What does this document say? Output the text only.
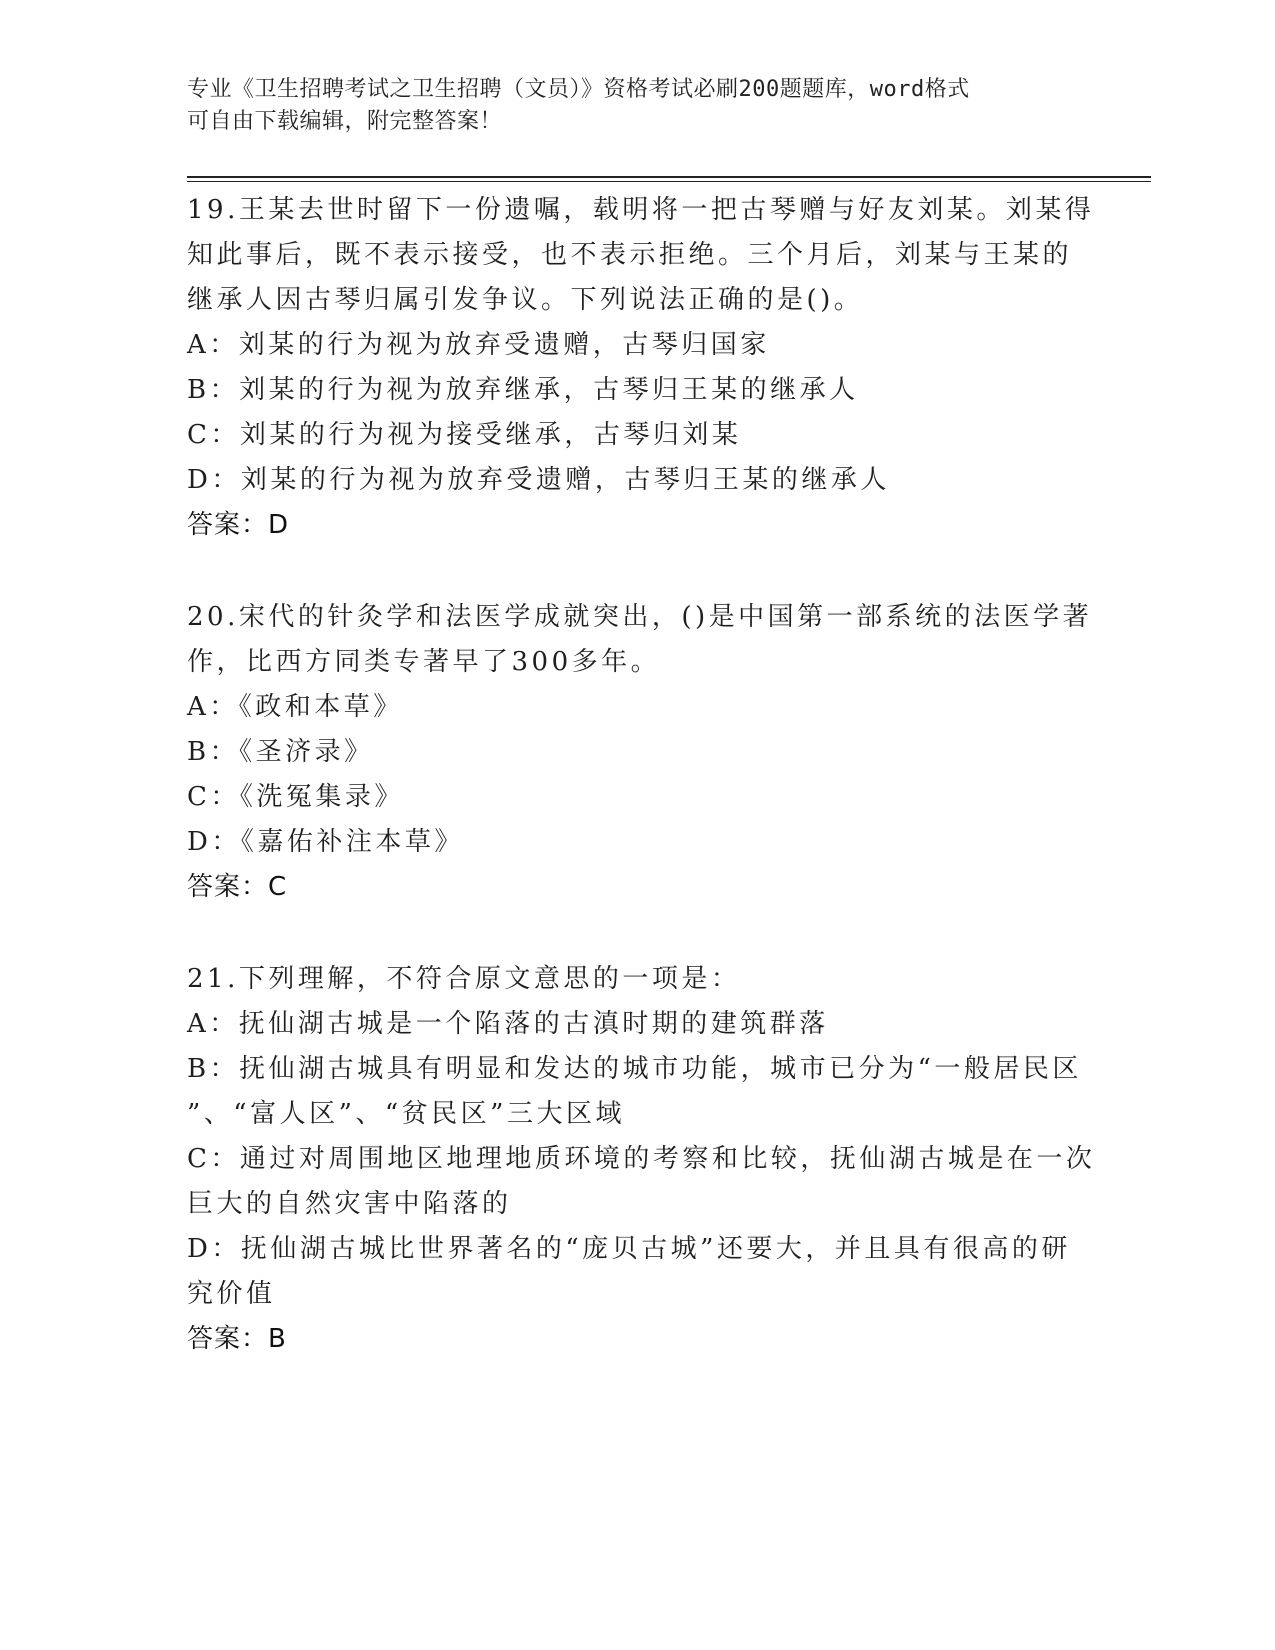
专业《卫生招聘考试之卫生招聘（文员）》资格考试必刷200题题库，word格式
可自由下载编辑，附完整答案！
19.王某去世时留下一份遗嘱，载明将一把古琴赠与好友刘某。刘某得
知此事后，既不表示接受，也不表示拒绝。三个月后，刘某与王某的
继承人因古琴归属引发争议。下列说法正确的是()。
A：刘某的行为视为放弃受遗赠，古琴归国家
B：刘某的行为视为放弃继承，古琴归王某的继承人
C：刘某的行为视为接受继承，古琴归刘某
D：刘某的行为视为放弃受遗赠，古琴归王某的继承人
答案：D
20.宋代的针灸学和法医学成就突出，()是中国第一部系统的法医学著
作，比西方同类专著早了300多年。
A：《政和本草》
B：《圣济录》
C：《洗冤集录》
D：《嘉佑补注本草》
答案：C
21.下列理解，不符合原文意思的一项是：
A：抚仙湖古城是一个陷落的古滇时期的建筑群落
B：抚仙湖古城具有明显和发达的城市功能，城市已分为“一般居民区
”、“富人区”、“贫民区”三大区域
C：通过对周围地区地理地质环境的考察和比较，抚仙湖古城是在一次
巨大的自然灾害中陷落的
D：抚仙湖古城比世界著名的“庞贝古城”还要大，并且具有很高的研
究价值
答案：B
